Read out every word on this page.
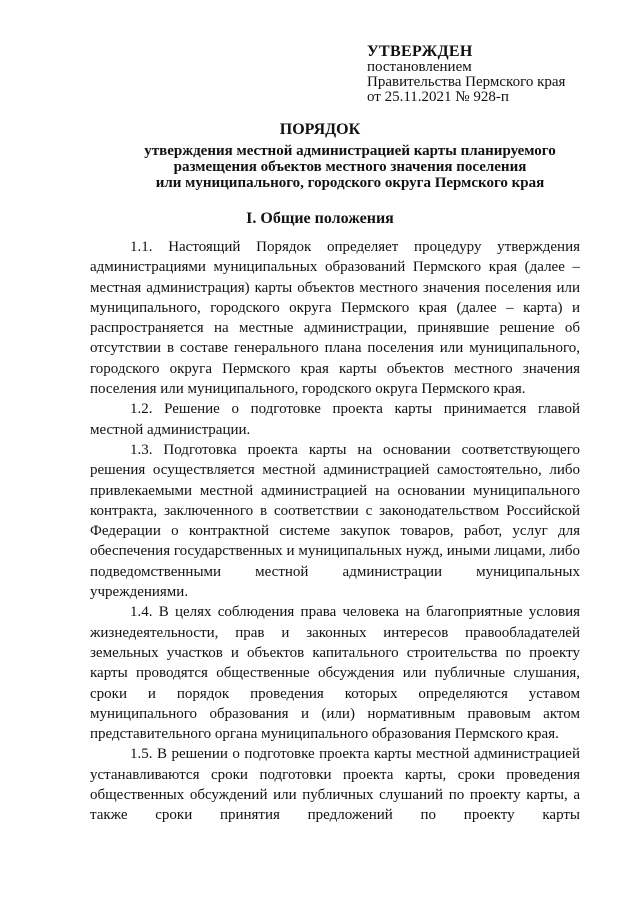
УТВЕРЖДЕН
постановлением
Правительства Пермского края
от 25.11.2021 № 928-п
ПОРЯДОК
утверждения местной администрацией карты планируемого
размещения объектов местного значения поселения
или муниципального, городского округа Пермского края
I. Общие положения

1.1. Настоящий Порядок определяет процедуру утверждения администрациями муниципальных образований Пермского края (далее – местная администрация) карты объектов местного значения поселения или муниципального, городского округа Пермского края (далее – карта) и распространяется на местные администрации, принявшие решение об отсутствии в составе генерального плана поселения или муниципального, городского округа Пермского края карты объектов местного значения поселения или муниципального, городского округа Пермского края.

1.2. Решение о подготовке проекта карты принимается главой местной администрации.

1.3. Подготовка проекта карты на основании соответствующего решения осуществляется местной администрацией самостоятельно, либо привлекаемыми местной администрацией на основании муниципального контракта, заключенного в соответствии с законодательством Российской Федерации о контрактной системе закупок товаров, работ, услуг для обеспечения государственных и муниципальных нужд, иными лицами, либо подведомственными местной администрации муниципальных учреждениями.

1.4. В целях соблюдения права человека на благоприятные условия жизнедеятельности, прав и законных интересов правообладателей земельных участков и объектов капитального строительства по проекту карты проводятся общественные обсуждения или публичные слушания, сроки и порядок проведения которых определяются уставом муниципального образования и (или) нормативным правовым актом представительного органа муниципального образования Пермского края.

1.5. В решении о подготовке проекта карты местной администрацией устанавливаются сроки подготовки проекта карты, сроки проведения общественных обсуждений или публичных слушаний по проекту карты, а также сроки принятия предложений по проекту карты
